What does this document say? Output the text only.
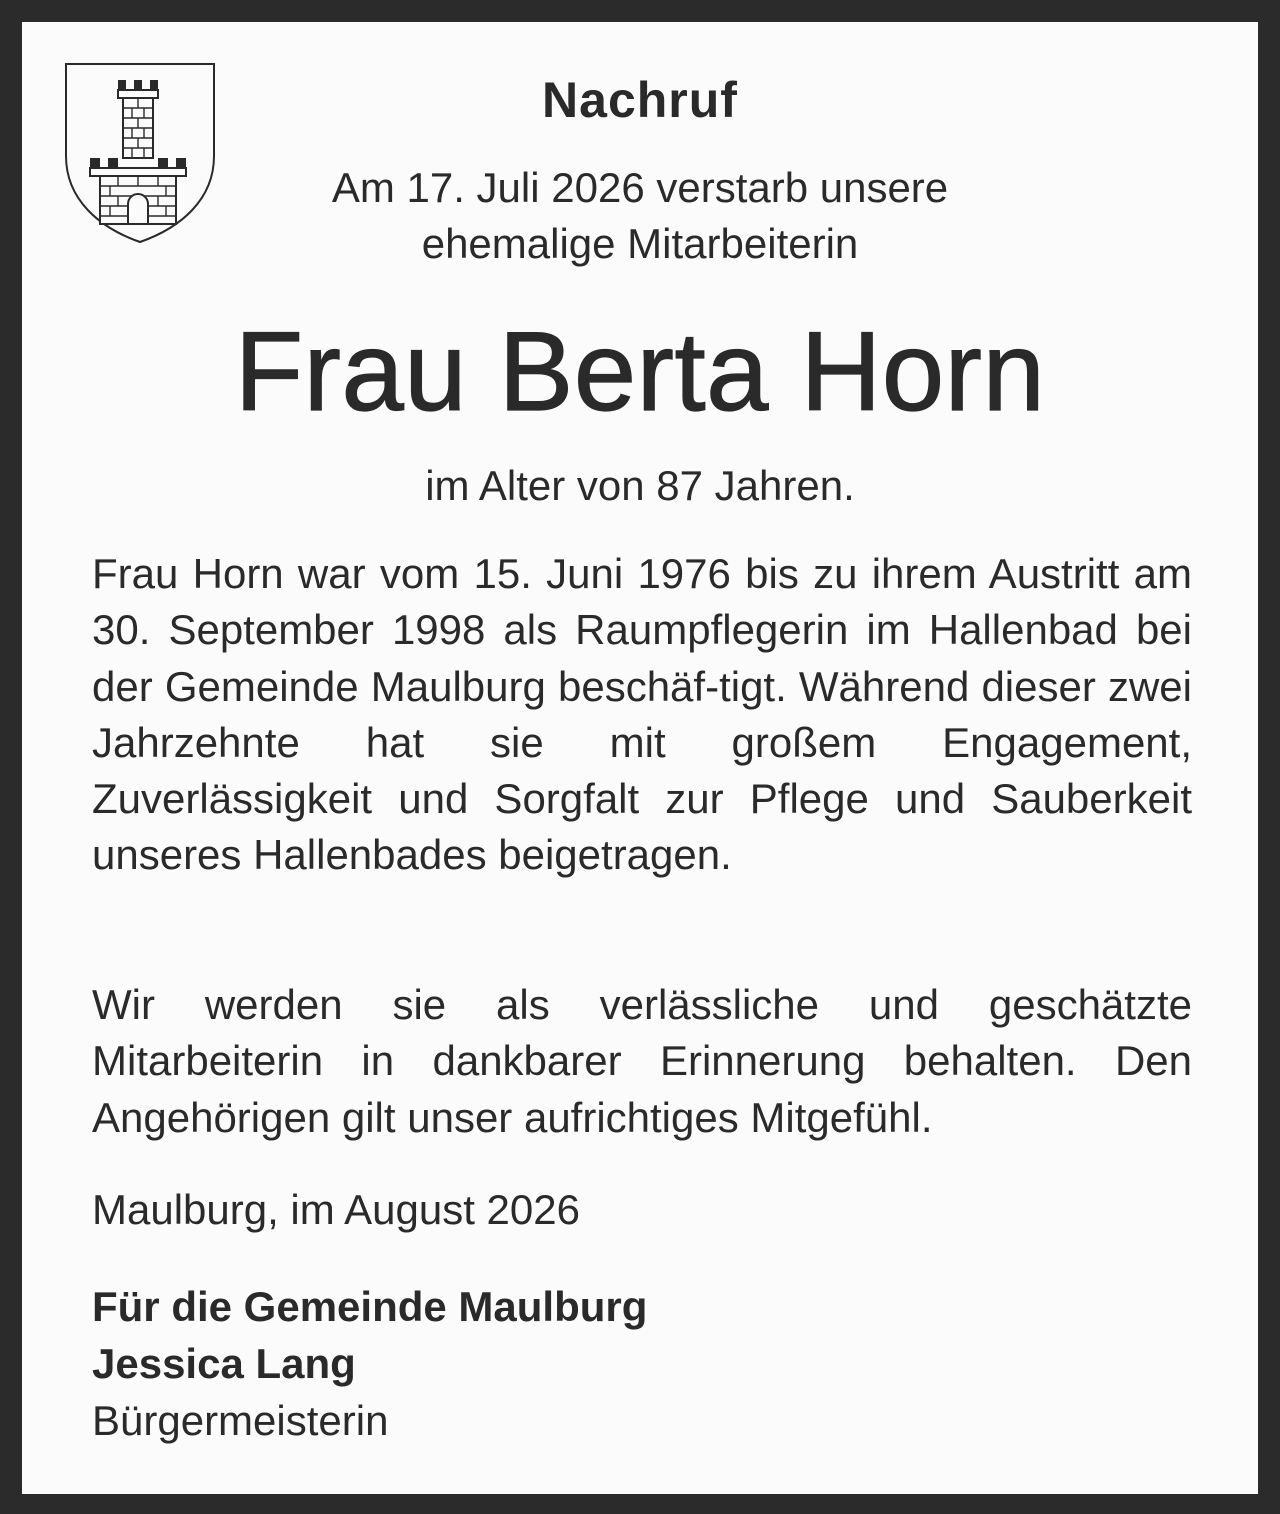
Nachruf
Am 17. Juli 2026 verstarb unsere
ehemalige Mitarbeiterin
Frau Berta Horn
im Alter von 87 Jahren.

Frau Horn war vom 15. Juni 1976 bis zu ihrem Austritt am 30. September 1998 als Raumpflegerin im Hallenbad bei der Gemeinde Maulburg beschäf-tigt. Während dieser zwei Jahrzehnte hat sie mit großem Engagement, Zuverlässigkeit und Sorgfalt zur Pflege und Sauberkeit unseres Hallenbades beigetragen.

Wir werden sie als verlässliche und geschätzte Mitarbeiterin in dankbarer Erinnerung behalten. Den Angehörigen gilt unser aufrichtiges Mitgefühl.

Maulburg, im August 2026
Für die Gemeinde Maulburg
Jessica Lang
Bürgermeisterin
